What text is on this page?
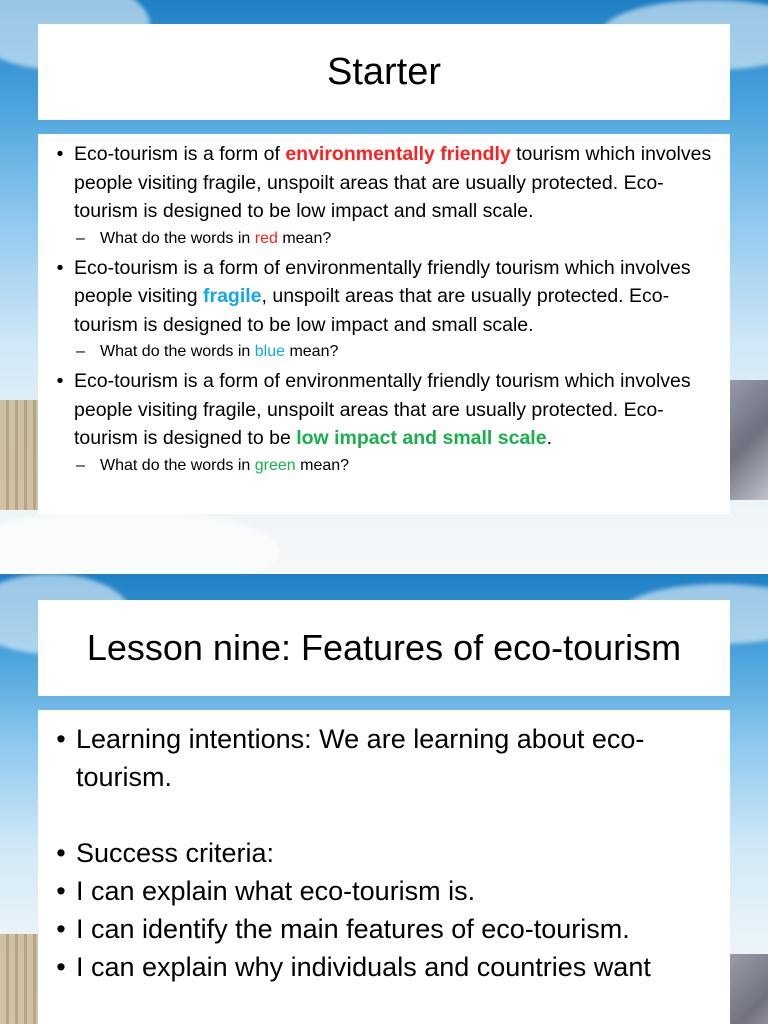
Starter
• Eco-tourism is a form of environmentally friendly tourism which involves people visiting fragile, unspoilt areas that are usually protected. Eco-tourism is designed to be low impact and small scale.
– What do the words in red mean?
• Eco-tourism is a form of environmentally friendly tourism which involves people visiting fragile, unspoilt areas that are usually protected. Eco-tourism is designed to be low impact and small scale.
– What do the words in blue mean?
• Eco-tourism is a form of environmentally friendly tourism which involves people visiting fragile, unspoilt areas that are usually protected. Eco-tourism is designed to be low impact and small scale.
– What do the words in green mean?
Lesson nine: Features of eco-tourism
• Learning intentions: We are learning about eco-tourism.
• Success criteria:
• I can explain what eco-tourism is.
• I can identify the main features of eco-tourism.
• I can explain why individuals and countries want
